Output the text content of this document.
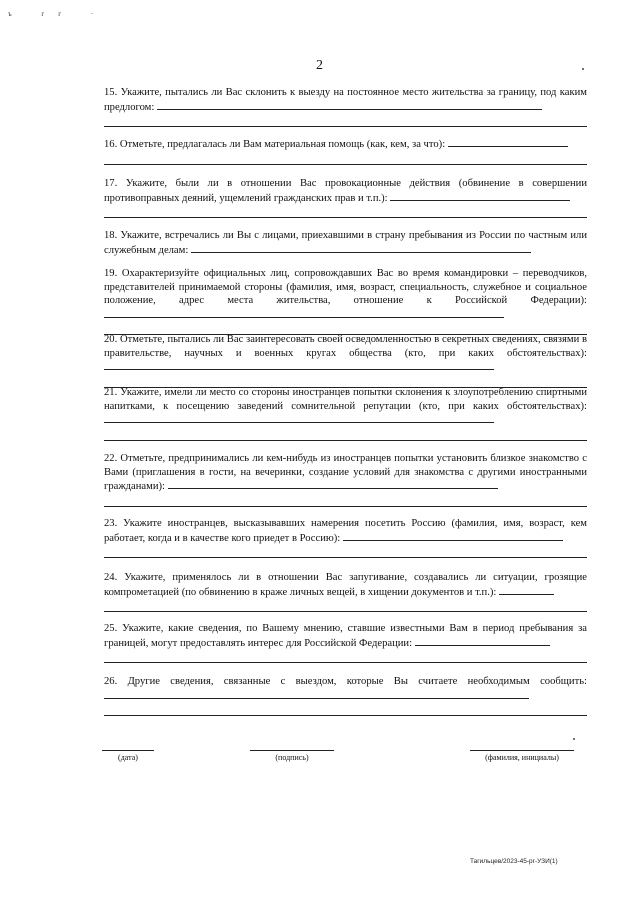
ъ гг ·
2
15. Укажите, пытались ли Вас склонить к выезду на постоянное место жительства за границу, под каким предлогом:
16. Отметьте, предлагалась ли Вам материальная помощь (как, кем, за что):
17. Укажите, были ли в отношении Вас провокационные действия (обвинение в совершении противоправных деяний, ущемлений гражданских прав и т.п.):
18. Укажите, встречались ли Вы с лицами, приехавшими в страну пребывания из России по частным или служебным делам:
19. Охарактеризуйте официальных лиц, сопровождавших Вас во время командировки – переводчиков, представителей принимаемой стороны (фамилия, имя, возраст, специальность, служебное и социальное положение, адрес места жительства, отношение к Российской Федерации):
20. Отметьте, пытались ли Вас заинтересовать своей осведомленностью в секретных сведениях, связями в правительстве, научных и военных кругах общества (кто, при каких обстоятельствах):
21. Укажите, имели ли место со стороны иностранцев попытки склонения к злоупотреблению спиртными напитками, к посещению заведений сомнительной репутации (кто, при каких обстоятельствах):
22. Отметьте, предпринимались ли кем-нибудь из иностранцев попытки установить близкое знакомство с Вами (приглашения в гости, на вечеринки, создание условий для знакомства с другими иностранными гражданами):
23. Укажите иностранцев, высказывавших намерения посетить Россию (фамилия, имя, возраст, кем работает, когда и в качестве кого приедет в Россию):
24. Укажите, применялось ли в отношении Вас запугивание, создавались ли ситуации, грозящие компрометацией (по обвинению в краже личных вещей, в хищении документов и т.п.):
25. Укажите, какие сведения, по Вашему мнению, ставшие известными Вам в период пребывания за границей, могут предоставлять интерес для Российской Федерации:
26. Другие сведения, связанные с выездом, которые Вы считаете необходимым сообщить:
(дата)	(подпись)	(фамилия, инициалы)
Тагильцев/2023-45-рг-УЗИ(1)
